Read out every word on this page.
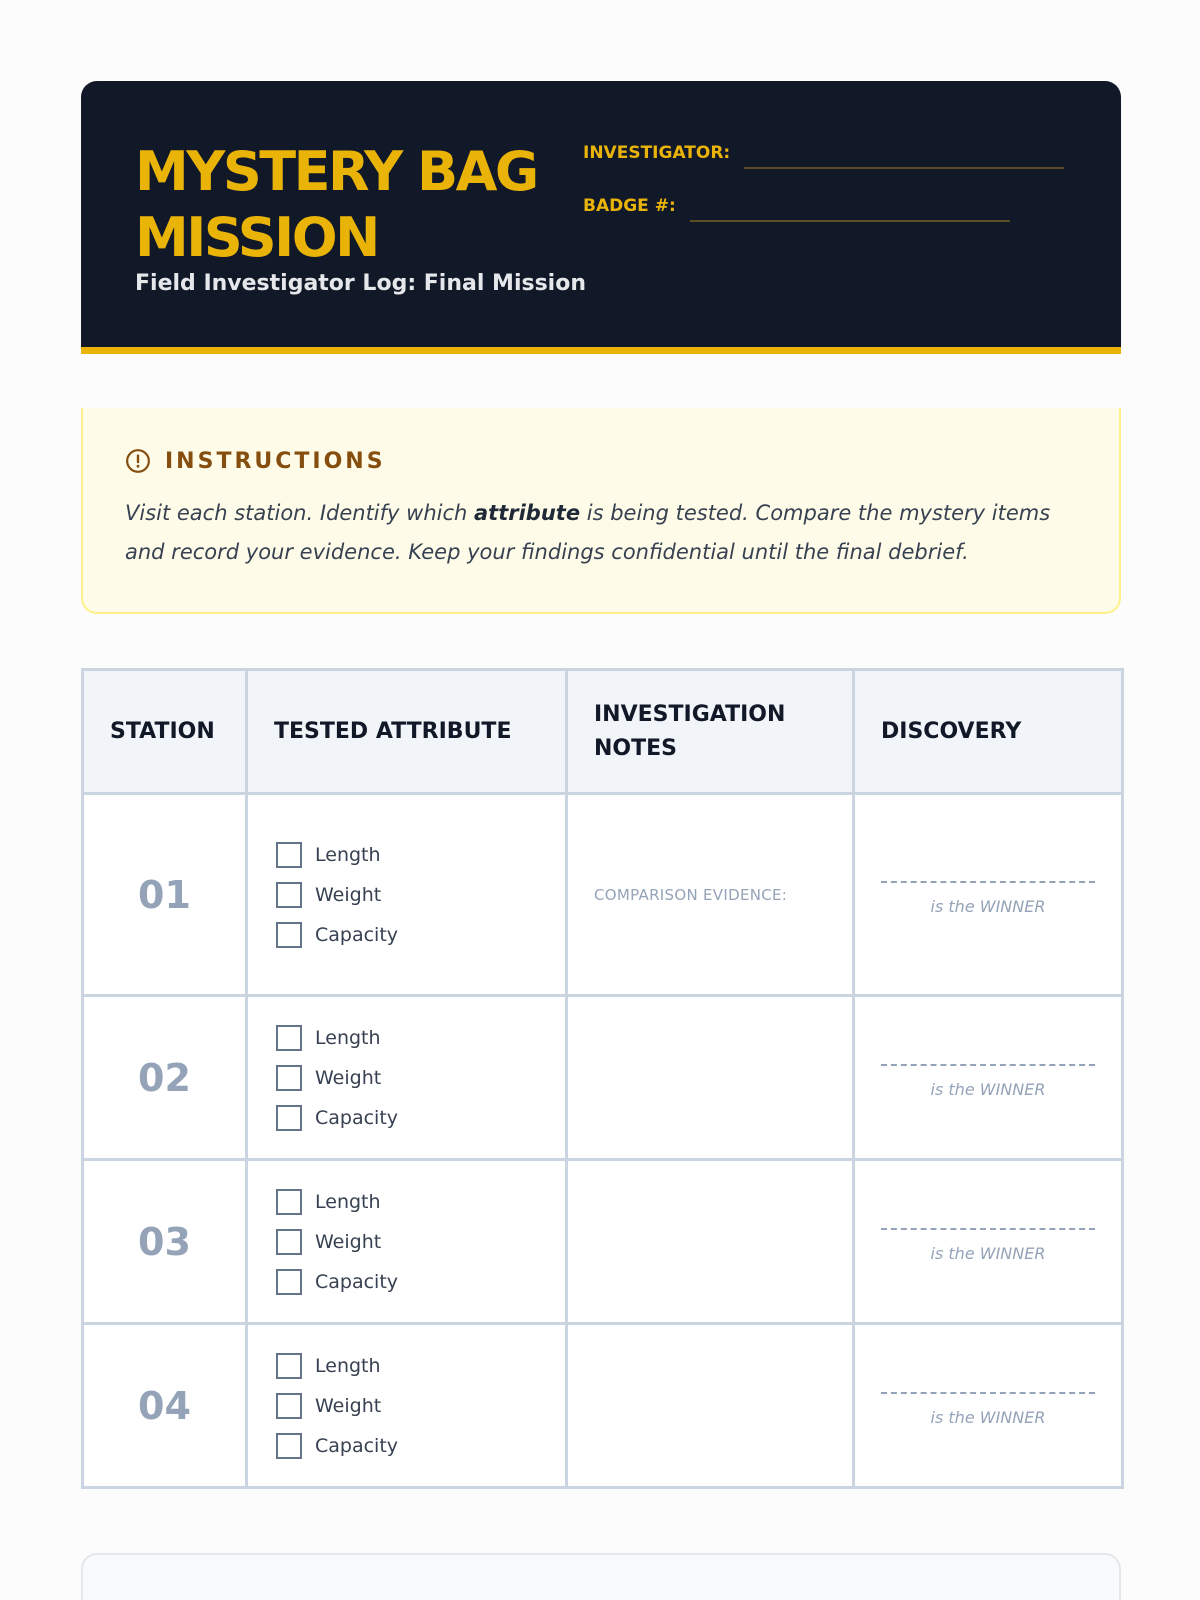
MYSTERY BAG MISSION

Field Investigator Log: Final Mission

INVESTIGATOR:
BADGE #:
INSTRUCTIONS

Visit each station. Identify which attribute is being tested. Compare the mystery items and record your evidence. Keep your findings confidential until the final debrief.

STATION	TESTED ATTRIBUTE	INVESTIGATION NOTES	DISCOVERY
01	Length
Weight
Capacity	COMPARISON EVIDENCE:	is the WINNER

02	Length
Weight
Capacity		is the WINNER

03	Length
Weight
Capacity		is the WINNER

04	Length
Weight
Capacity		is the WINNER
